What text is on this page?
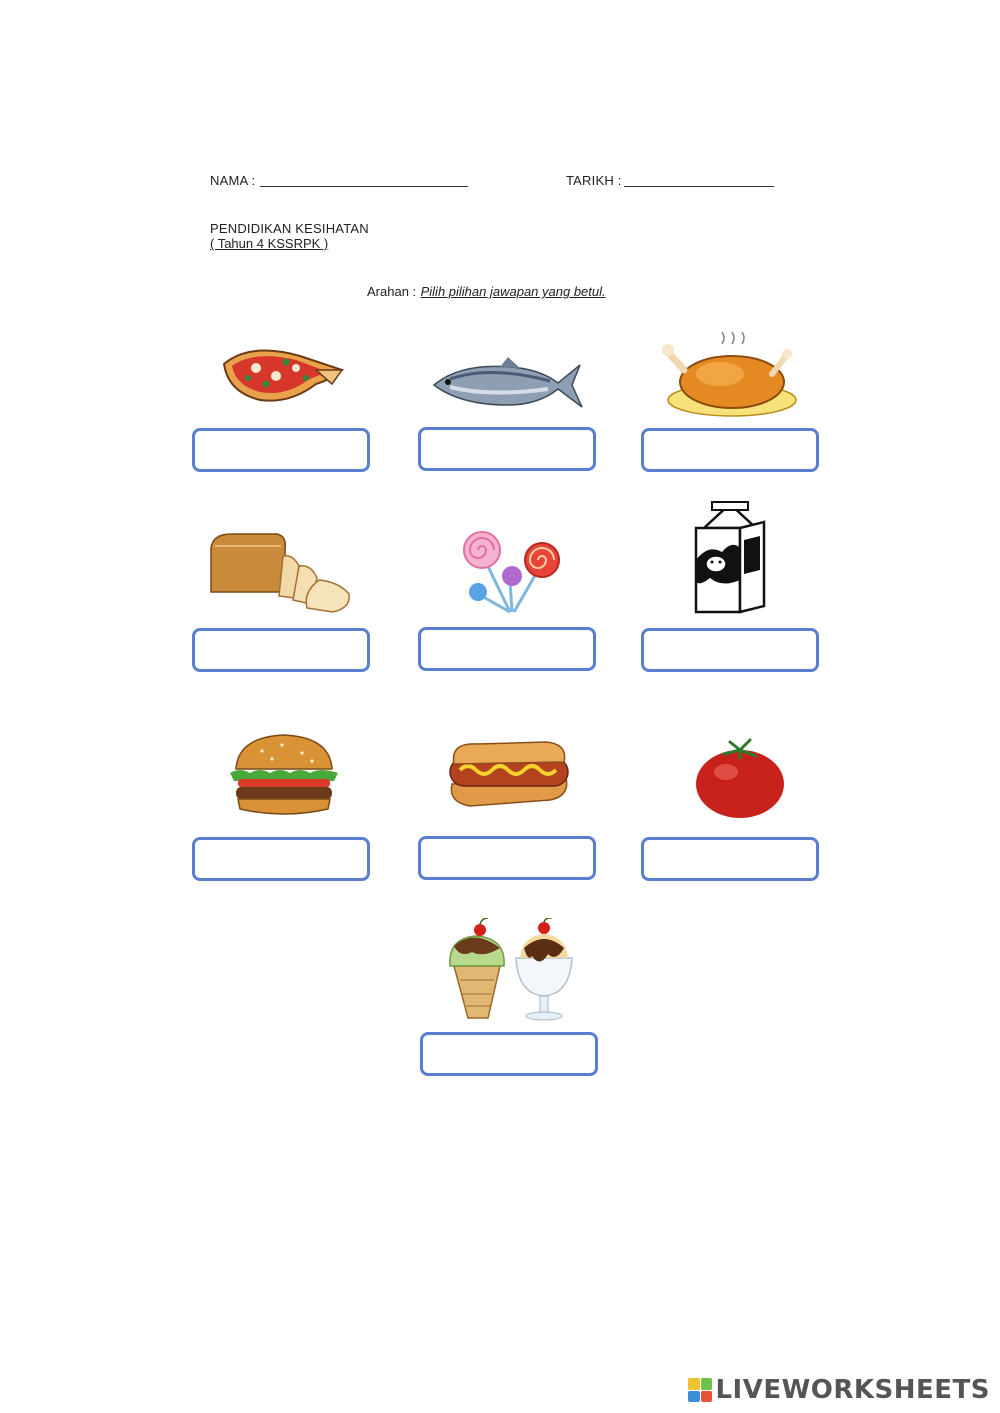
NAMA :	TARIKH :
PENDIDIKAN KESIHATAN
( Tahun 4 KSSRPK )
Arahan : Pilih pilihan jawapan yang betul.
LIVEWORKSHEETS
